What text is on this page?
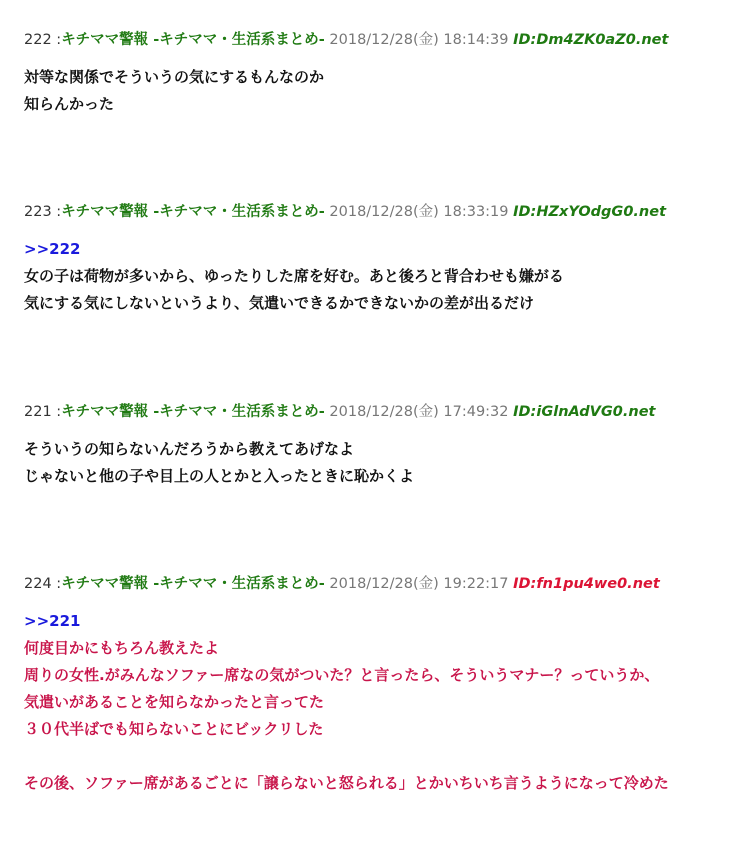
222 :キチママ警報 -キチママ・生活系まとめ- 2018/12/28(金) 18:14:39 ID:Dm4ZK0aZ0.net
対等な関係でそういうの気にするもんなのか
知らんかった
223 :キチママ警報 -キチママ・生活系まとめ- 2018/12/28(金) 18:33:19 ID:HZxYOdgG0.net
>>222
女の子は荷物が多いから、ゆったりした席を好む。あと後ろと背合わせも嫌がる
気にする気にしないというより、気遣いできるかできないかの差が出るだけ
221 :キチママ警報 -キチママ・生活系まとめ- 2018/12/28(金) 17:49:32 ID:iGlnAdVG0.net
そういうの知らないんだろうから教えてあげなよ
じゃないと他の子や目上の人とかと入ったときに恥かくよ
224 :キチママ警報 -キチママ・生活系まとめ- 2018/12/28(金) 19:22:17 ID:fn1pu4we0.net
>>221
何度目かにもちろん教えたよ
周りの女性.がみんなソファー席なの気がついた？と言ったら、そういうマナー？っていうか、
気遣いがあることを知らなかったと言ってた
３０代半ばでも知らないことにビックリした
その後、ソファー席があるごとに「譲らないと怒られる」とかいちいち言うようになって冷めた
